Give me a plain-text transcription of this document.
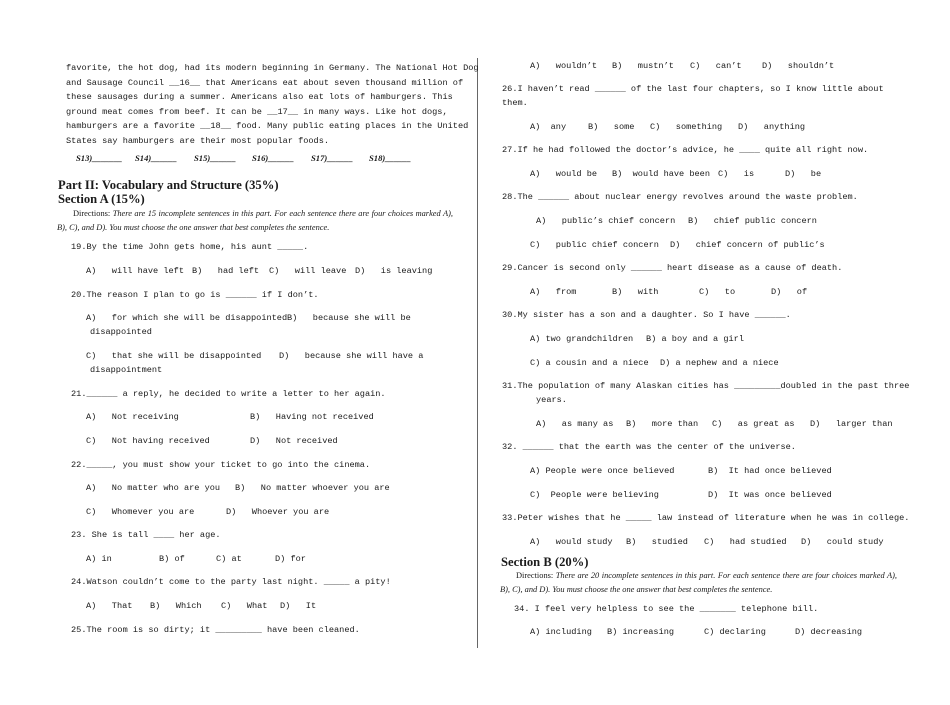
favorite, the hot dog, had its modern beginning in Germany. The National Hot Dog
and Sausage Council __16__ that Americans eat about seven thousand million of
these sausages during a summer. Americans also eat lots of hamburgers. This
ground meat comes from beef. It can be __17__ in many ways. Like hot dogs,
hamburgers are a favorite __18__ food. Many public eating places in the United
States say hamburgers are their most popular foods.
S13)_______ S14)______ S15)______ S16)______ S17)______ S18)______
Part II: Vocabulary and Structure (35%)
Section A (15%)
Directions: There are 15 incomplete sentences in this part. For each sentence there are four choices marked A), B), C), and D). You must choose the one answer that best completes the sentence.
19.By the time John gets home, his aunt _____.
A)   will have left B)   had left C)   will leave D)   is leaving
20.The reason I plan to go is ______ if I don’t.
A)   for which she will be disappointed B)   because she will be
disappointed
C)   that she will be disappointed D)   because she will have a
disappointment
21.______ a reply, he decided to write a letter to her again.
A)   Not receiving	B)   Having not received
C)   Not having received	D)   Not received
22._____, you must show your ticket to go into the cinema.
A)   No matter who are you B)   No matter whoever you are
C)   Whomever you are	D)   Whoever you are
23. She is tall ____ her age.
A) in	B) of	C) at	D) for
24.Watson couldn’t come to the party last night. _____ a pity!
A)   That B)   Which C)   What D)   It
25.The room is so dirty; it _________ have been cleaned.
A)   wouldn’t B)   mustn’t C)   can’t D)   shouldn’t
26.I haven’t read ______ of the last four chapters, so I know little about
them.
A)  any	B)   some C)   something D)   anything
27.If he had followed the doctor’s advice, he ____ quite all right now.
A)   would be B)  would have been C)   is	D)   be
28.The ______ about nuclear energy revolves around the waste problem.
A)   public’s chief concern B)   chief public concern
C)   public chief concern D)   chief concern of public’s
29.Cancer is second only ______ heart disease as a cause of death.
A)   from	B)   with	C)   to	D)   of
30.My sister has a son and a daughter. So I have ______.
A) two grandchildren B) a boy and a girl
C) a cousin and a niece D) a nephew and a niece
31.The population of many Alaskan cities has _________doubled in the past three
years.
A)   as many as B)   more than C)   as great as D)   larger than
32. ______ that the earth was the center of the universe.
A) People were once believed	B)  It had once believed
C)  People were believing	D)  It was once believed
33.Peter wishes that he _____ law instead of literature when he was in college.
A)   would study B)   studied C)   had studied D)   could study
Section B (20%)
Directions: There are 20 incomplete sentences in this part. For each sentence there are four choices marked A), B), C), and D). You must choose the one answer that best completes the sentence.
34. I feel very helpless to see the _______ telephone bill.
A) including B) increasing	C) declaring	D) decreasing
